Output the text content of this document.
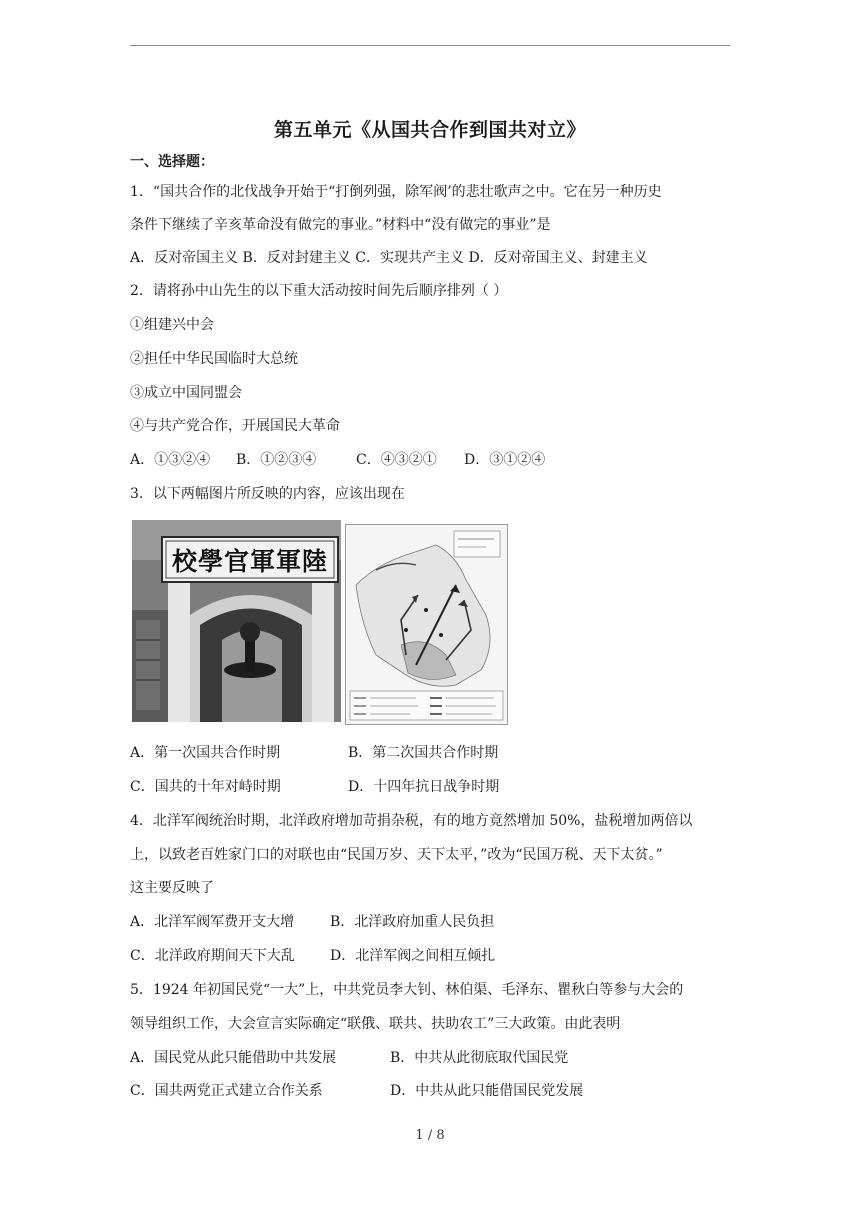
第五单元《从国共合作到国共对立》
一、选择题：
1．“国共合作的北伐战争开始于“打倒列强，除军阀’的悲壮歌声之中。它在另一种历史
条件下继续了辛亥革命没有做完的事业。”材料中“没有做完的事业”是
A．反对帝国主义 B．反对封建主义 C．实现共产主义 D．反对帝国主义、封建主义
2．请将孙中山先生的以下重大活动按时间先后顺序排列（ ）
①组建兴中会
②担任中华民国临时大总统
③成立中国同盟会
④与共产党合作，开展国民大革命
A．①③②④ B．①②③④	C．④③②① D．③①②④
3．以下两幅图片所反映的内容，应该出现在
校學官軍軍陸
A．第一次国共合作时期	B．第二次国共合作时期
C．国共的十年对峙时期	D．十四年抗日战争时期
4．北洋军阀统治时期，北洋政府增加苛捐杂税，有的地方竟然增加 50%，盐税增加两倍以
上，以致老百姓家门口的对联也由“民国万岁、天下太平，”改为“民国万税、天下太贫。”
这主要反映了
A．北洋军阀军费开支大增	B．北洋政府加重人民负担
C．北洋政府期间天下大乱	D．北洋军阀之间相互倾扎
5．1924 年初国民党“一大”上，中共党员李大钊、林伯渠、毛泽东、瞿秋白等参与大会的
领导组织工作，大会宣言实际确定“联俄、联共、扶助农工”三大政策。由此表明
A．国民党从此只能借助中共发展	B．中共从此彻底取代国民党
C．国共两党正式建立合作关系	D．中共从此只能借国民党发展
1 / 8
